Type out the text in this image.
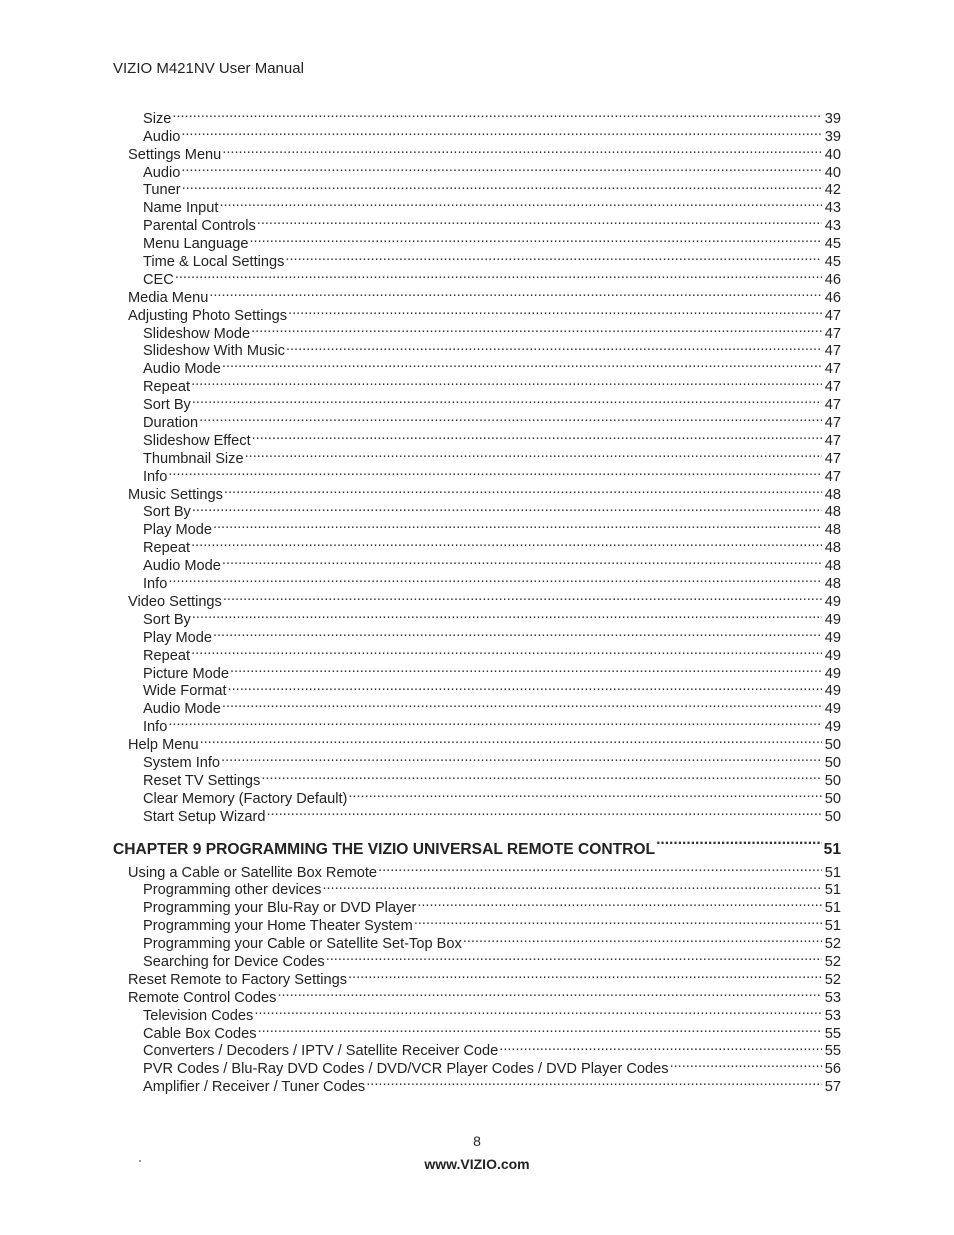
VIZIO M421NV User Manual
Size .....	39
Audio .....	39
Settings Menu .....	40
Audio .....	40
Tuner .....	42
Name Input .....	43
Parental Controls .....	43
Menu Language .....	45
Time & Local Settings .....	45
CEC .....	46
Media Menu .....	46
Adjusting Photo Settings .....	47
Slideshow Mode .....	47
Slideshow With Music .....	47
Audio Mode .....	47
Repeat .....	47
Sort By .....	47
Duration .....	47
Slideshow Effect .....	47
Thumbnail Size .....	47
Info .....	47
Music Settings .....	48
Sort By .....	48
Play Mode .....	48
Repeat .....	48
Audio Mode .....	48
Info .....	48
Video Settings .....	49
Sort By .....	49
Play Mode .....	49
Repeat .....	49
Picture Mode .....	49
Wide Format .....	49
Audio Mode .....	49
Info .....	49
Help Menu .....	50
System Info .....	50
Reset TV Settings .....	50
Clear Memory (Factory Default) .....	50
Start Setup Wizard .....	50
CHAPTER 9 PROGRAMMING THE VIZIO UNIVERSAL REMOTE CONTROL .....	51
Using a Cable or Satellite Box Remote .....	51
Programming other devices .....	51
Programming your Blu-Ray or DVD Player .....	51
Programming your Home Theater System .....	51
Programming your Cable or Satellite Set-Top Box .....	52
Searching for Device Codes .....	52
Reset Remote to Factory Settings .....	52
Remote Control Codes .....	53
Television Codes .....	53
Cable Box Codes .....	55
Converters / Decoders / IPTV / Satellite Receiver Code .....	55
PVR Codes / Blu-Ray DVD Codes / DVD/VCR Player Codes / DVD Player Codes .....	56
Amplifier / Receiver / Tuner Codes .....	57
8
www.VIZIO.com
